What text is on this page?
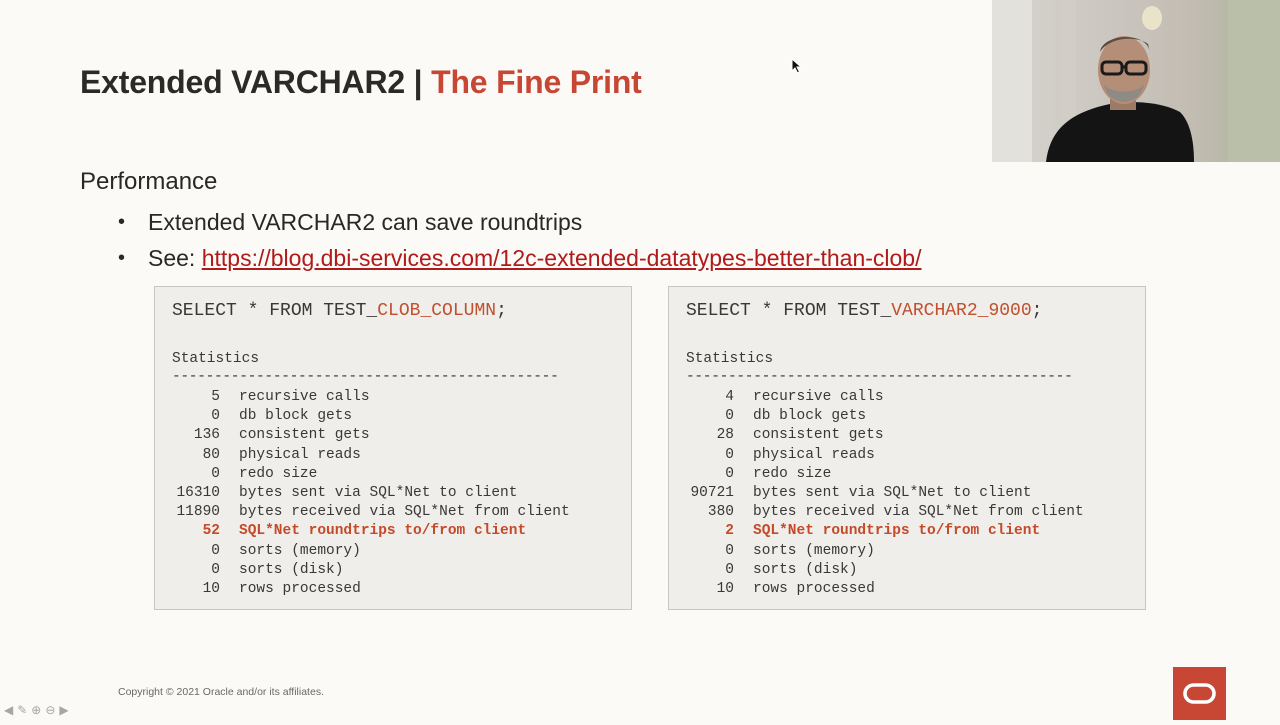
Extended VARCHAR2 | The Fine Print
Performance
• Extended VARCHAR2 can save roundtrips
• See: https://blog.dbi-services.com/12c-extended-datatypes-better-than-clob/
SELECT * FROM TEST_CLOB_COLUMN;
Statistics
----------------------------------------------
5 recursive calls
0 db block gets
136 consistent gets
80 physical reads
0 redo size
16310 bytes sent via SQL*Net to client
11890 bytes received via SQL*Net from client
52 SQL*Net roundtrips to/from client
0 sorts (memory)
0 sorts (disk)
10 rows processed
SELECT * FROM TEST_VARCHAR2_9000;
Statistics
----------------------------------------------
4 recursive calls
0 db block gets
28 consistent gets
0 physical reads
0 redo size
90721 bytes sent via SQL*Net to client
380 bytes received via SQL*Net from client
2 SQL*Net roundtrips to/from client
0 sorts (memory)
0 sorts (disk)
10 rows processed
Copyright © 2021 Oracle and/or its affiliates.
◀ ✎ ⊕ ⊖ ▶
